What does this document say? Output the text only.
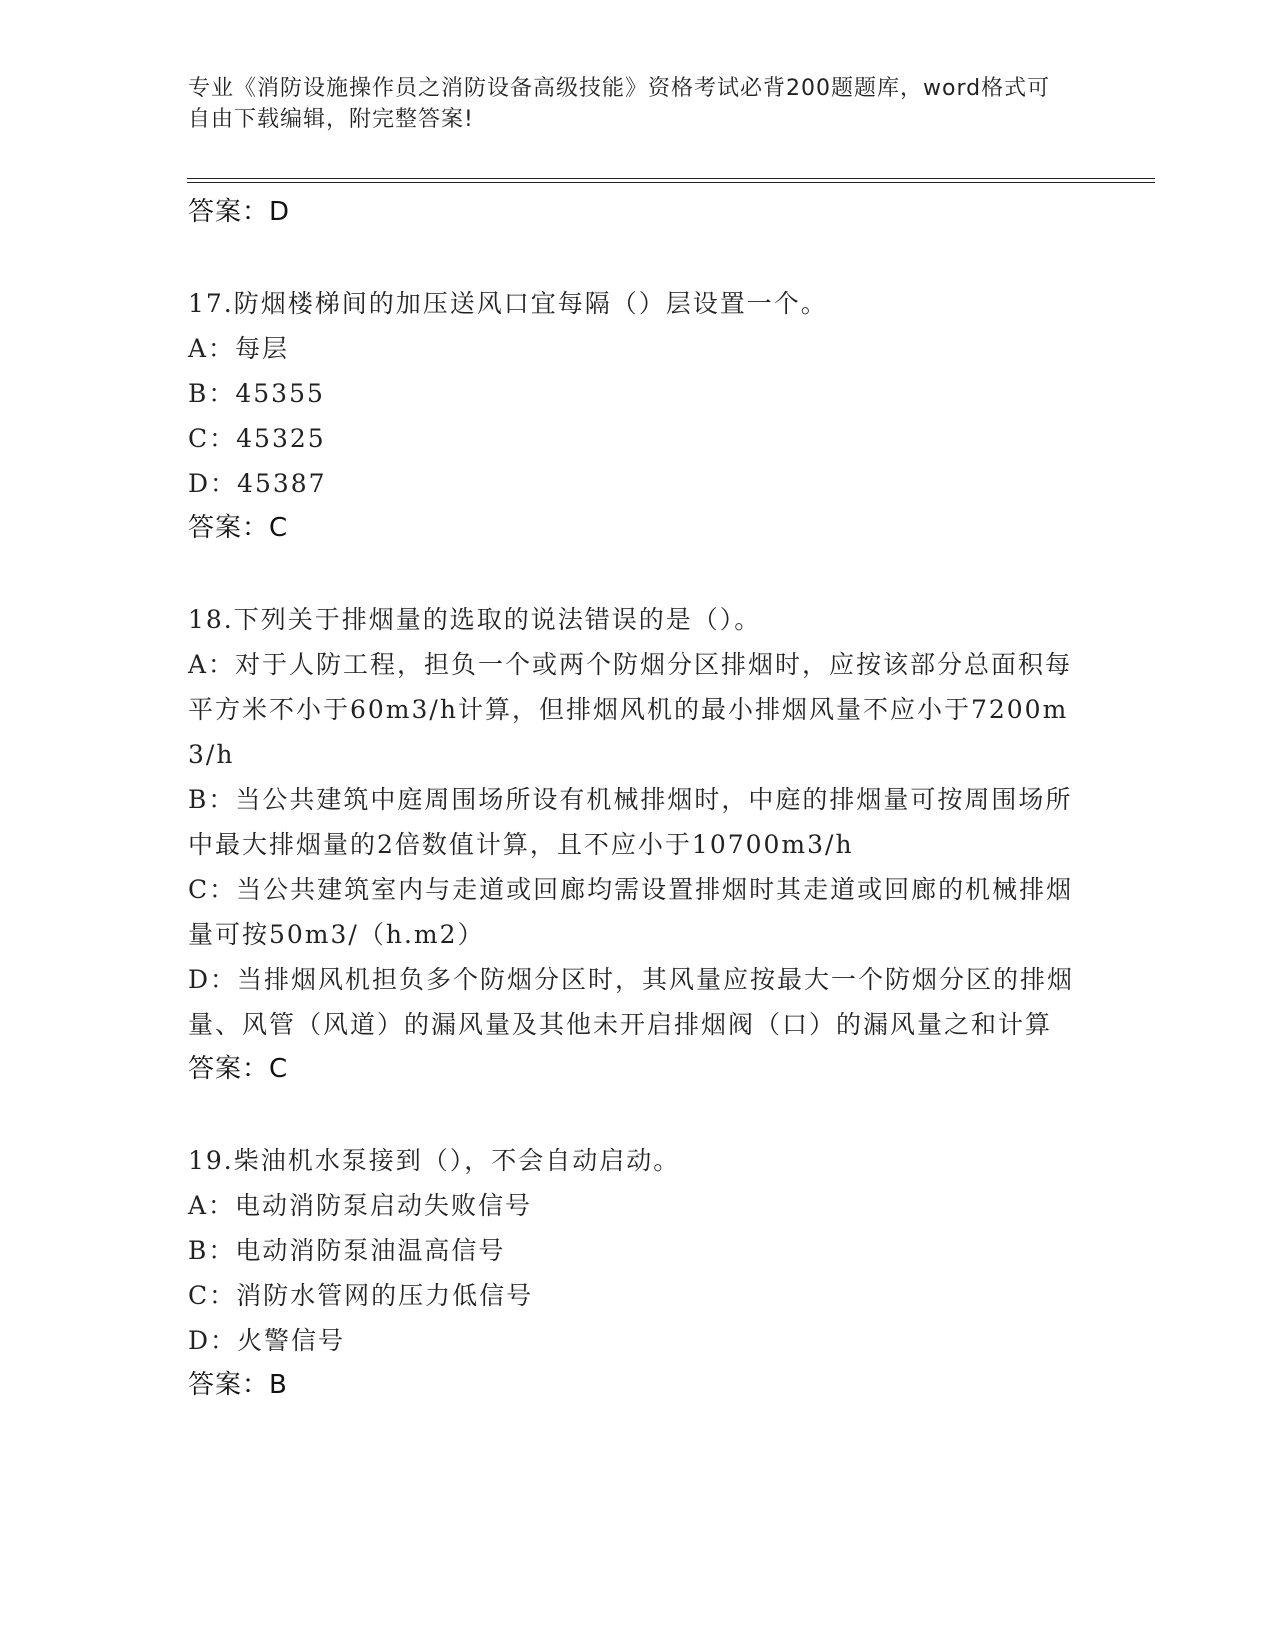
专业《消防设施操作员之消防设备高级技能》资格考试必背200题题库，word格式可自由下载编辑，附完整答案!
答案：D
17.防烟楼梯间的加压送风口宜每隔（）层设置一个。
A：每层
B：45355
C：45325
D：45387
答案：C
18.下列关于排烟量的选取的说法错误的是（）。
A：对于人防工程，担负一个或两个防烟分区排烟时，应按该部分总面积每平方米不小于60m3/h计算，但排烟风机的最小排烟风量不应小于7200m3/h
B：当公共建筑中庭周围场所设有机械排烟时，中庭的排烟量可按周围场所中最大排烟量的2倍数值计算，且不应小于10700m3/h
C：当公共建筑室内与走道或回廊均需设置排烟时其走道或回廊的机械排烟量可按50m3/（h.m2）
D：当排烟风机担负多个防烟分区时，其风量应按最大一个防烟分区的排烟量、风管（风道）的漏风量及其他未开启排烟阀（口）的漏风量之和计算
答案：C
19.柴油机水泵接到（），不会自动启动。
A：电动消防泵启动失败信号
B：电动消防泵油温高信号
C：消防水管网的压力低信号
D：火警信号
答案：B
